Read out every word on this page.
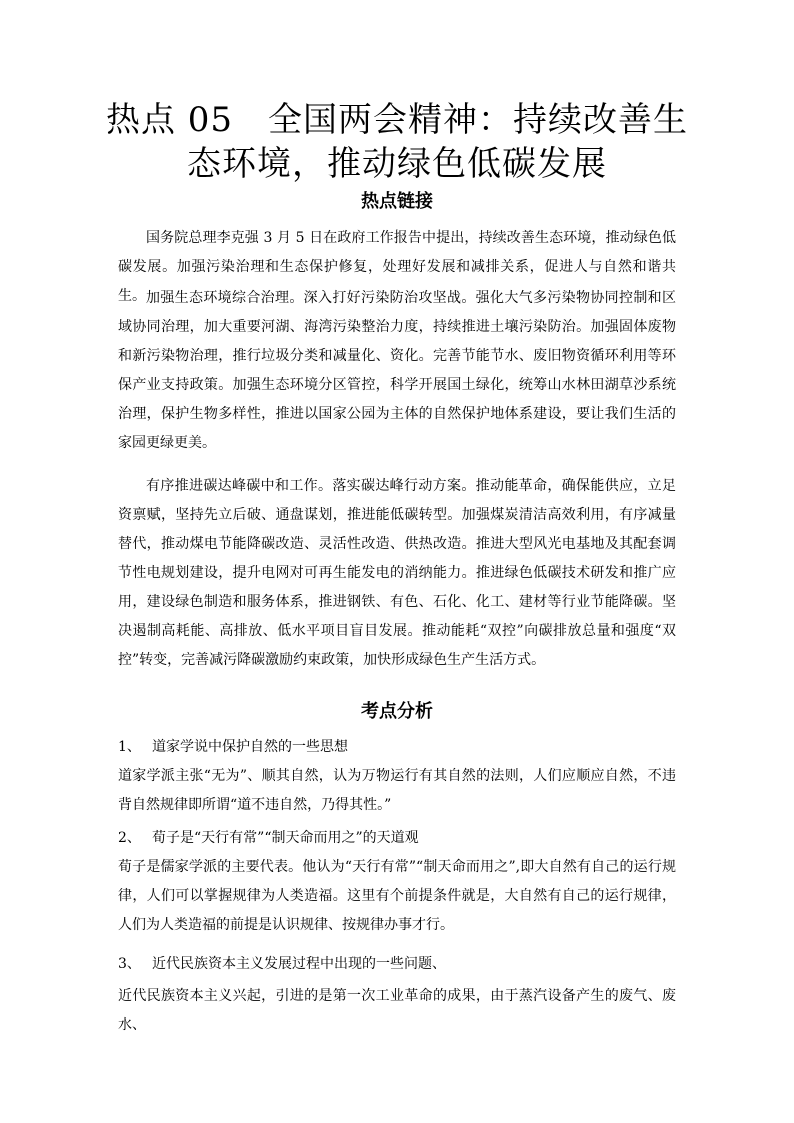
热点 05　全国两会精神：持续改善生态环境，推动绿色低碳发展
热点链接

国务院总理李克强 3 月 5 日在政府工作报告中提出，持续改善生态环境，推动绿色低碳发展。加强污染治理和生态保护修复，处理好发展和减排关系，促进人与自然和谐共生。 加强生态环境综合治理。深入打好污染防治攻坚战。强化大气多污染物协同控制和区域协同治理，加大重要河湖、海湾污染整治力度，持续推进土壤污染防治。加强固体废物和新污染物治理，推行垃圾分类和减量化、资化。完善节能节水、废旧物资循环利用等环保产业支持政策。加强生态环境分区管控，科学开展国土绿化，统筹山水林田湖草沙系统治理，保护生物多样性，推进以国家公园为主体的自然保护地体系建设，要让我们生活的家园更绿更美。

有序推进碳达峰碳中和工作。落实碳达峰行动方案。推动能革命，确保能供应，立足资禀赋，坚持先立后破、通盘谋划，推进能低碳转型。加强煤炭清洁高效利用，有序减量替代，推动煤电节能降碳改造、灵活性改造、供热改造。推进大型风光电基地及其配套调节性电规划建设，提升电网对可再生能发电的消纳能力。推进绿色低碳技术研发和推广应用，建设绿色制造和服务体系，推进钢铁、有色、石化、化工、建材等行业节能降碳。坚决遏制高耗能、高排放、低水平项目盲目发展。推动能耗“双控”向碳排放总量和强度“双控”转变，完善减污降碳激励约束政策，加快形成绿色生产生活方式。

考点分析

1、 道家学说中保护自然的一些思想

道家学派主张“无为”、顺其自然，认为万物运行有其自然的法则，人们应顺应自然，不违背自然规律即所谓“道不违自然，乃得其性。”

2、 荀子是“天行有常”“制天命而用之”的天道观

荀子是儒家学派的主要代表。他认为“天行有常”“制天命而用之”,即大自然有自己的运行规律，人们可以掌握规律为人类造福。这里有个前提条件就是，大自然有自己的运行规律，人们为人类造福的前提是认识规律、按规律办事才行。

3、 近代民族资本主义发展过程中出现的一些问题、

近代民族资本主义兴起，引进的是第一次工业革命的成果，由于蒸汽设备产生的废气、废水、
